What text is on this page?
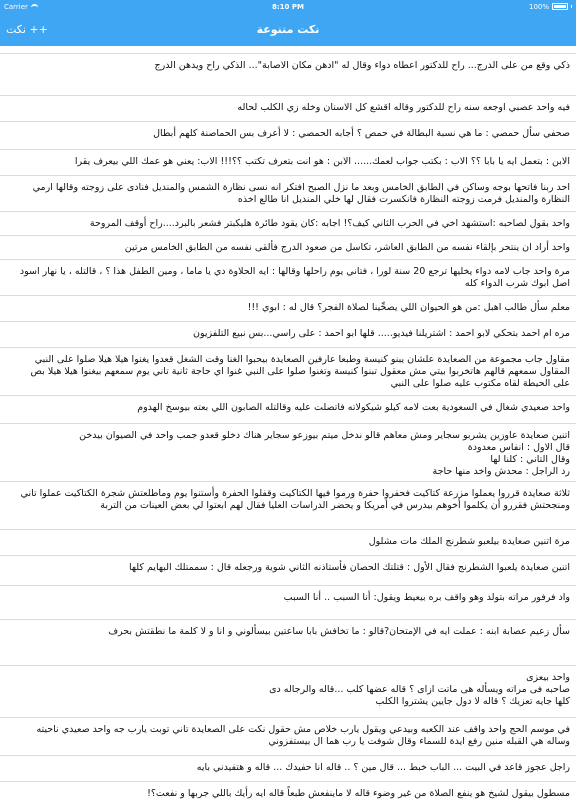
Carrier	8:10 PM	100%
نكت متنوعة
نكت ++
ذكي وقع من على الدرج... راح للدكتور اعطاه دواء وقال له "ادهن مكان الاصابة"... الذكي راح ويدهن الدرج
فيه واحد عصبي اوجعه سنه راح للدكتور وقاله اقشع كل الاسنان وخله زي الكلب لحاله
صحفي سأل حمصي : ما هي نسبة البطالة في حمص ؟ أجابه الحمصي : لا أعرف بس الحماصنة كلهم أبطال
الابن : بتعمل ايه يا بابا ؟؟ الاب : بكتب جواب لعمك...... الابن : هو انت بتعرف تكتب ؟؟!!! الاب: يعني هو عمك اللي بيعرف يقرا
احد ربنا فاتحها بوجه وساكن في الطابق الخامس وبعد ما نزل الصبح افتكر انه نسى نظارة الشمس والمنديل فنادى على زوجته وقالها ارمي النظارة والمنديل فرمت زوجته النظارة فانكسرت فقال لها خلي المنديل انا طالع اخذه
واحد بقول لصاحبه :استشهد اخي في الحرب الثاني كيف؟! اجابه :كان يقود طائرة هليكبتر فشعر بالبرد....راح أوقف المروحة
واحد أراد ان ينتحر بإلقاء نفسه من الطابق العاشر، تكاسل من صعود الدرج فألقى نفسه من الطابق الخامس مرتين
مرة واحد جاب لامه دواء يخليها ترجع 20 سنة لورا ، فتاني يوم راحلها وقالها : ايه الحلاوة دي يا ماما ، ومين الطفل هذا ؟ ، قالتله ، يا نهار اسود اصل ابوك شرب الدواء كله
معلم سأل طالب اهبل :من هو الحيوان اللي يصحِّينا لصلاة الفجر؟ قال له : ابوي !!!
مره ام احمد بتحكي لابو احمد : اشتريلنا فيديو..... قلها ابو احمد : على راسي...بس نبيع التلفزيون
مقاول جاب مجموعة من الصعايدة علشان يبنو كنيسة وطبعا عارفين الصعايدة بيحبوا الغنا وقت الشغل قعدوا يغنوا هيلا هيلا صلوا على النبي المقاول سمعهم قالهم هاتخربوا بيتي مش معقول تبنوا كنيسة وتغنوا صلوا على النبي غنوا اي حاجة ثانية تاني يوم سمعهم بيغنوا هيلا هيلا بص على الحيطة لقاه مكتوب عليه صلوا على النبي
واحد صعيدي شغال في السعودية بعت لامه كيلو شيكولاته فاتصلت عليه وقالتله الصابون اللي بعته بيوسخ الهدوم
اتنين صعايدة عاوزين يشربو سجاير ومش معاهم قالو ندخل ميتم بيوزعو سجاير هناك دخلو قعدو جمب واحد في الصيوان بيدخن
قال الاول : انفاس معدودة
وقال التاني : كلنا لها
رد الراجل : محدش واخد منها حاجة
ثلاثة صعايدة قرروا يعملوا مزرعة كتاكيت فحفروا حفرة ورموا فيها الكتاكيت وقفلوا الحفرة وأستنوا يوم وماطلعتش شجرة الكتاكيت عملوا تاني ومنجحتش فقررو أن يكلموا أخوهم بيدرس في أمريكا و يحضر الدراسات العليا فقال لهم ابعتوا لي بعض العينات من التربة
مرة اتنين صعايدة بيلعبو شطرنج الملك مات مشلول
اتنين صعايدة يلعبوا الشطرنج فقال الأول : قتلتك الحصان فأستاذنه الثاني شوية ورجعله قال : سممتلك البهايم كلها
واد فرفور مراته بتولد وهو واقف بره بيعيط ويقول: أنا السبب .. أنا السبب
سأل زعيم عصابة ابنه : عملت ايه في الإمتحان?قالو : ما تخافش بابا ساعتين بيسألوني و انا و لا كلمة ما نطقتش بحرف
واحد بيعزى
صاحبه فى مراته ويسأله هى ماتت ازاى ؟ قاله عضها كلب ...قاله والرجاله دى
كلها جايه تعزيك ؟ قاله لا دول جايين يشتروا الكلب
في موسم الحج واحد واقف عند الكعبه وبيدعي ويقول يارب خلاص مش حقول نكت على الصعايدة تاني توبت يارب جه واحد صعيدي ناحيته وساله هي القبله منين رفع ايدة للسماء وقال شوفت يا رب هما ال بيستفزوني
راجل عجوز قاعد في البيت ... الباب خبط ... قال مين ؟ .. قاله انا حفيدك ... قاله و هتفيدني بايه
مسطول بيقول لشيخ هو ينفع الصلاة من غير وضوء قاله لا ماينفعش طبعاً قاله ايه رأيك باللي جربها و نفعت؟!
